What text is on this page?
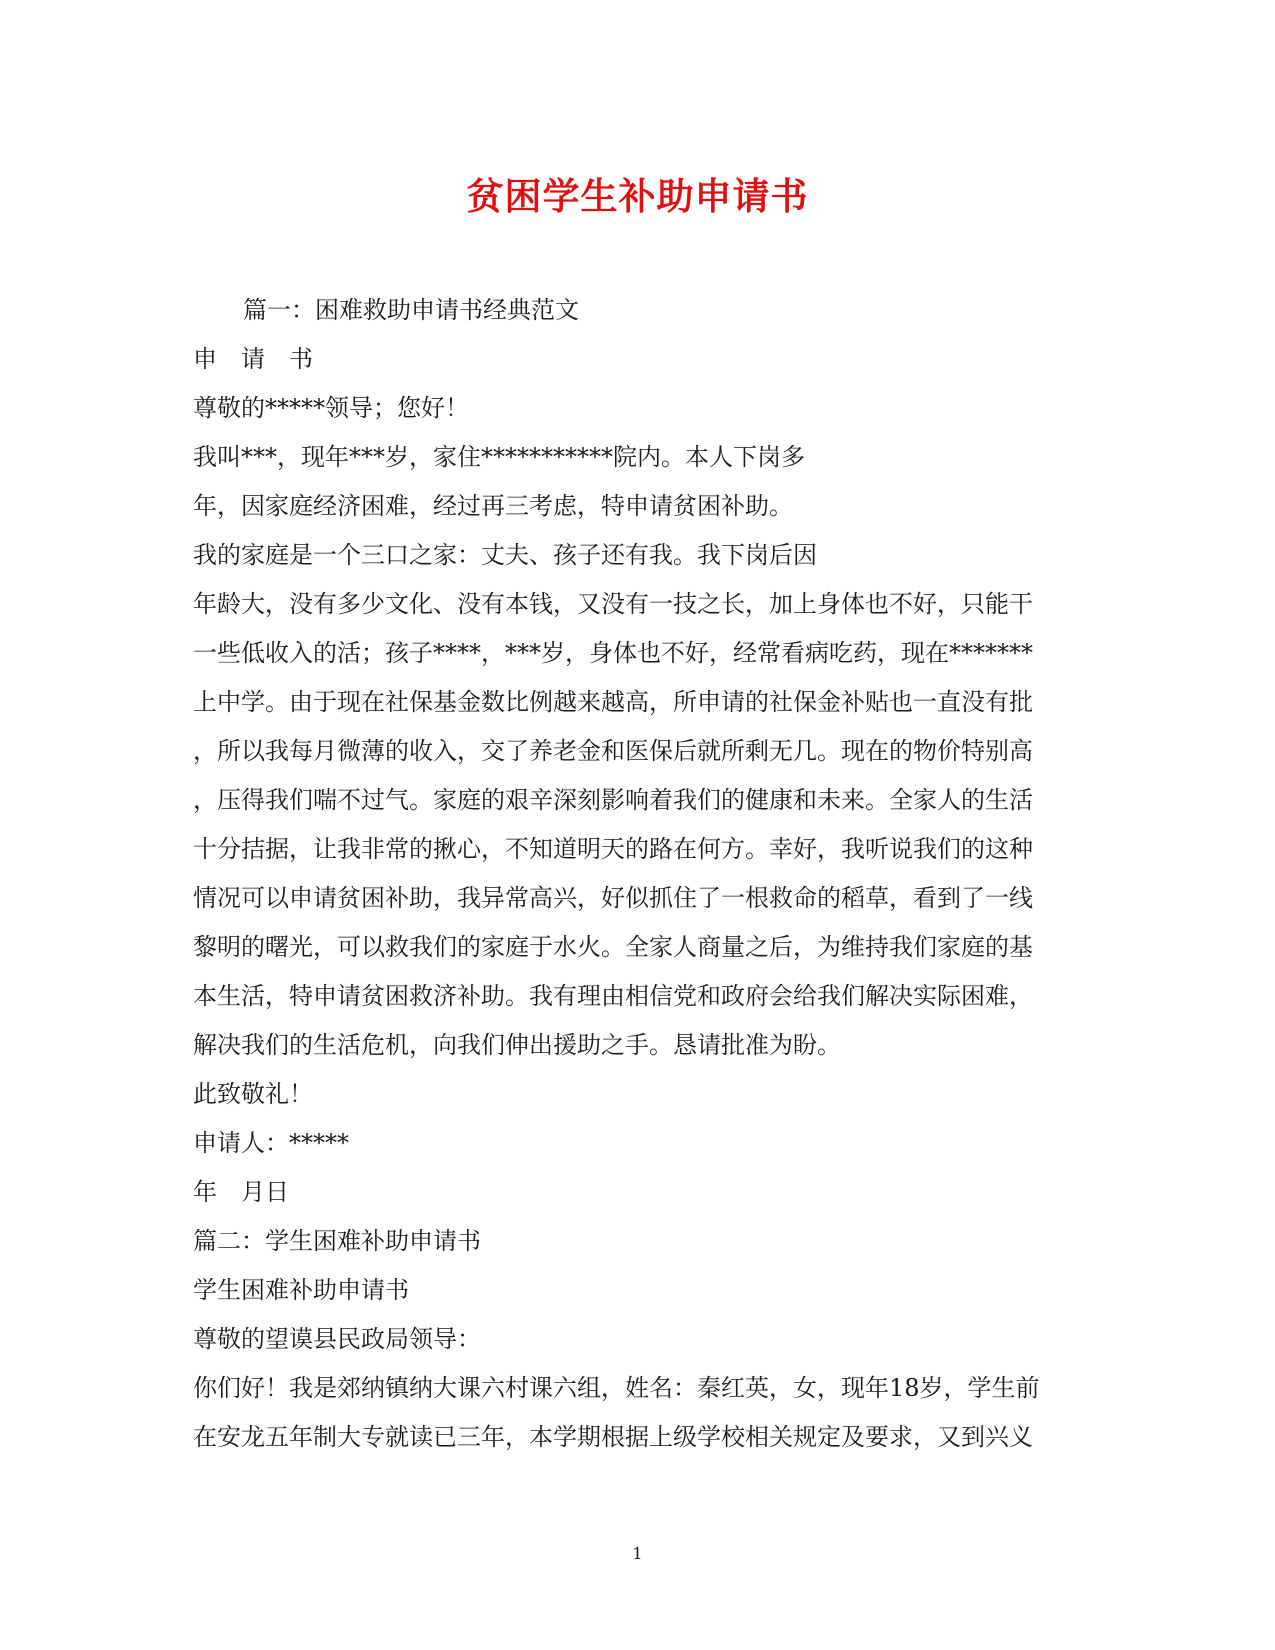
贫困学生补助申请书
篇一：困难救助申请书经典范文
申　请　书
尊敬的*****领导；您好！
我叫***，现年***岁，家住***********院内。本人下岗多
年，因家庭经济困难，经过再三考虑，特申请贫困补助。
我的家庭是一个三口之家：丈夫、孩子还有我。我下岗后因
年龄大，没有多少文化、没有本钱，又没有一技之长，加上身体也不好，只能干
一些低收入的活；孩子****，***岁，身体也不好，经常看病吃药，现在*******
上中学。由于现在社保基金数比例越来越高，所申请的社保金补贴也一直没有批
，所以我每月微薄的收入，交了养老金和医保后就所剩无几。现在的物价特别高
，压得我们喘不过气。家庭的艰辛深刻影响着我们的健康和未来。全家人的生活
十分拮据，让我非常的揪心，不知道明天的路在何方。幸好，我听说我们的这种
情况可以申请贫困补助，我异常高兴，好似抓住了一根救命的稻草，看到了一线
黎明的曙光，可以救我们的家庭于水火。全家人商量之后，为维持我们家庭的基
本生活，特申请贫困救济补助。我有理由相信党和政府会给我们解决实际困难，
解决我们的生活危机，向我们伸出援助之手。恳请批准为盼。
此致敬礼！
申请人：*****
年　月日
篇二：学生困难补助申请书
学生困难补助申请书
尊敬的望谟县民政局领导：
你们好！我是郊纳镇纳大课六村课六组，姓名：秦红英，女，现年18岁，学生前
在安龙五年制大专就读已三年，本学期根据上级学校相关规定及要求，又到兴义
1
